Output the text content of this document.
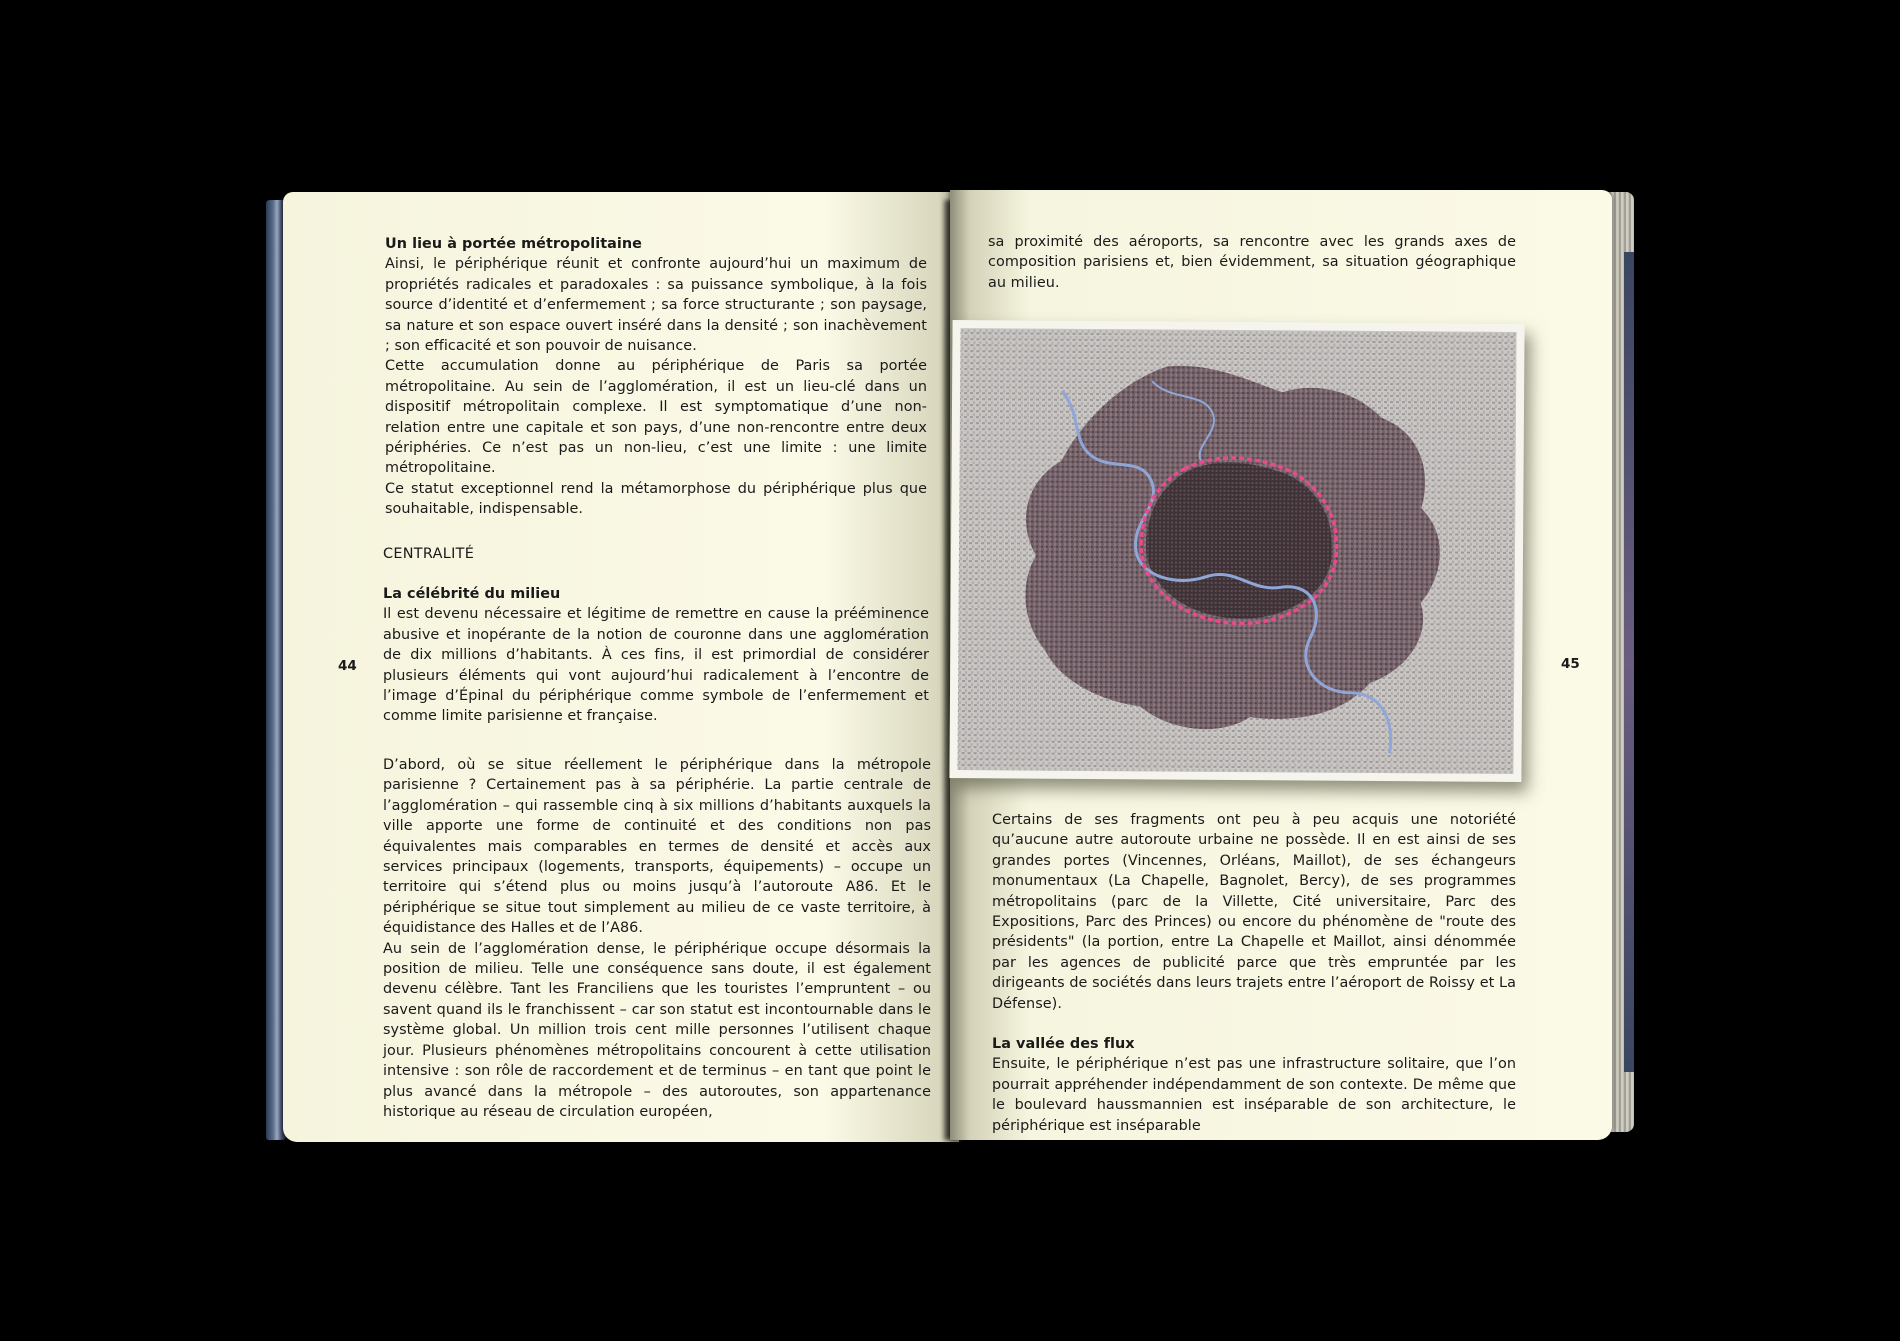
Un lieu à portée métropolitaine

Ainsi, le périphérique réunit et confronte aujourd’hui un maximum de propriétés radicales et paradoxales : sa puissance symbolique, à la fois source d’identité et d’enfermement ; sa force structurante ; son paysage, sa nature et son espace ouvert inséré dans la densité ; son inachèvement ; son efficacité et son pouvoir de nuisance.

Cette accumulation donne au périphérique de Paris sa portée métropolitaine. Au sein de l’agglomération, il est un lieu-clé dans un dispositif métropolitain complexe. Il est symptomatique d’une non-relation entre une capitale et son pays, d’une non-rencontre entre deux périphéries. Ce n’est pas un non-lieu, c’est une limite : une limite métropolitaine.

Ce statut exceptionnel rend la métamorphose du périphérique plus que souhaitable, indispensable.

CENTRALITÉ

La célébrité du milieu

Il est devenu nécessaire et légitime de remettre en cause la prééminence abusive et inopérante de la notion de couronne dans une agglomération de dix millions d’habitants. À ces fins, il est primordial de considérer plusieurs éléments qui vont aujourd’hui radicalement à l’encontre de l’image d’Épinal du périphérique comme symbole de l’enfermement et comme limite parisienne et française.

D’abord, où se situe réellement le périphérique dans la métropole parisienne ? Certainement pas à sa périphérie. La partie centrale de l’agglomération – qui rassemble cinq à six millions d’habitants auxquels la ville apporte une forme de continuité et des conditions non pas équivalentes mais comparables en termes de densité et accès aux services principaux (logements, transports, équipements) – occupe un territoire qui s’étend plus ou moins jusqu’à l’autoroute A86. Et le périphérique se situe tout simplement au milieu de ce vaste territoire, à équidistance des Halles et de l’A86.

Au sein de l’agglomération dense, le périphérique occupe désormais la position de milieu. Telle une conséquence sans doute, il est également devenu célèbre. Tant les Franciliens que les touristes l’empruntent – ou savent quand ils le franchissent – car son statut est incontournable dans le système global. Un million trois cent mille personnes l’utilisent chaque jour. Plusieurs phénomènes métropolitains concourent à cette utilisation intensive : son rôle de raccordement et de terminus – en tant que point le plus avancé dans la métropole – des autoroutes, son appartenance historique au réseau de circulation européen,

44
sa proximité des aéroports, sa rencontre avec les grands axes de composition parisiens et, bien évidemment, sa situation géographique au milieu.
45

Certains de ses fragments ont peu à peu acquis une notoriété qu’aucune autre autoroute urbaine ne possède. Il en est ainsi de ses grandes portes (Vincennes, Orléans, Maillot), de ses échangeurs monumentaux (La Chapelle, Bagnolet, Bercy), de ses programmes métropolitains (parc de la Villette, Cité universitaire, Parc des Expositions, Parc des Princes) ou encore du phénomène de "route des présidents" (la portion, entre La Chapelle et Maillot, ainsi dénommée par les agences de publicité parce que très empruntée par les dirigeants de sociétés dans leurs trajets entre l’aéroport de Roissy et La Défense).

La vallée des flux

Ensuite, le périphérique n’est pas une infrastructure solitaire, que l’on pourrait appréhender indépendamment de son contexte. De même que le boulevard haussmannien est inséparable de son architecture, le périphérique est inséparable
